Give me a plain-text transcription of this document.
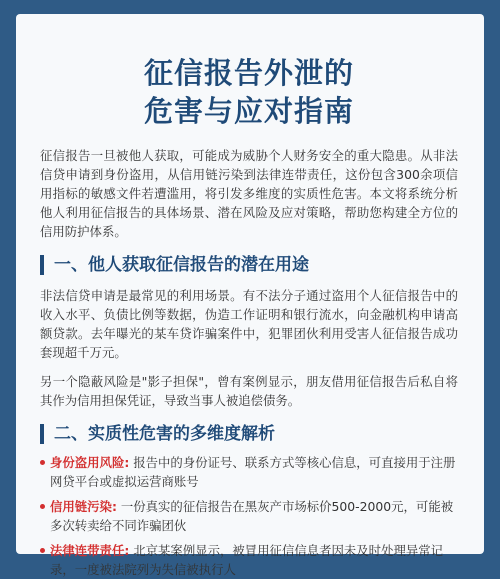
征信报告外泄的
危害与应对指南
征信报告一旦被他人获取，可能成为威胁个人财务安全的重大隐患。从非法信贷申请到身份盗用，从信用链污染到法律连带责任，这份包含300余项信用指标的敏感文件若遭滥用，将引发多维度的实质性危害。本文将系统分析他人利用征信报告的具体场景、潜在风险及应对策略，帮助您构建全方位的信用防护体系。
一、他人获取征信报告的潜在用途
非法信贷申请是最常见的利用场景。有不法分子通过盗用个人征信报告中的收入水平、负债比例等数据，伪造工作证明和银行流水，向金融机构申请高额贷款。去年曝光的某车贷诈骗案件中，犯罪团伙利用受害人征信报告成功套现超千万元。
另一个隐蔽风险是"影子担保"，曾有案例显示，朋友借用征信报告后私自将其作为信用担保凭证，导致当事人被追偿债务。
二、实质性危害的多维度解析
身份盗用风险: 报告中的身份证号、联系方式等核心信息，可直接用于注册网贷平台或虚拟运营商账号
信用链污染: 一份真实的征信报告在黑灰产市场标价500-2000元，可能被多次转卖给不同诈骗团伙
法律连带责任: 北京某案例显示，被冒用征信信息者因未及时处理异常记录，一度被法院列为失信被执行人
